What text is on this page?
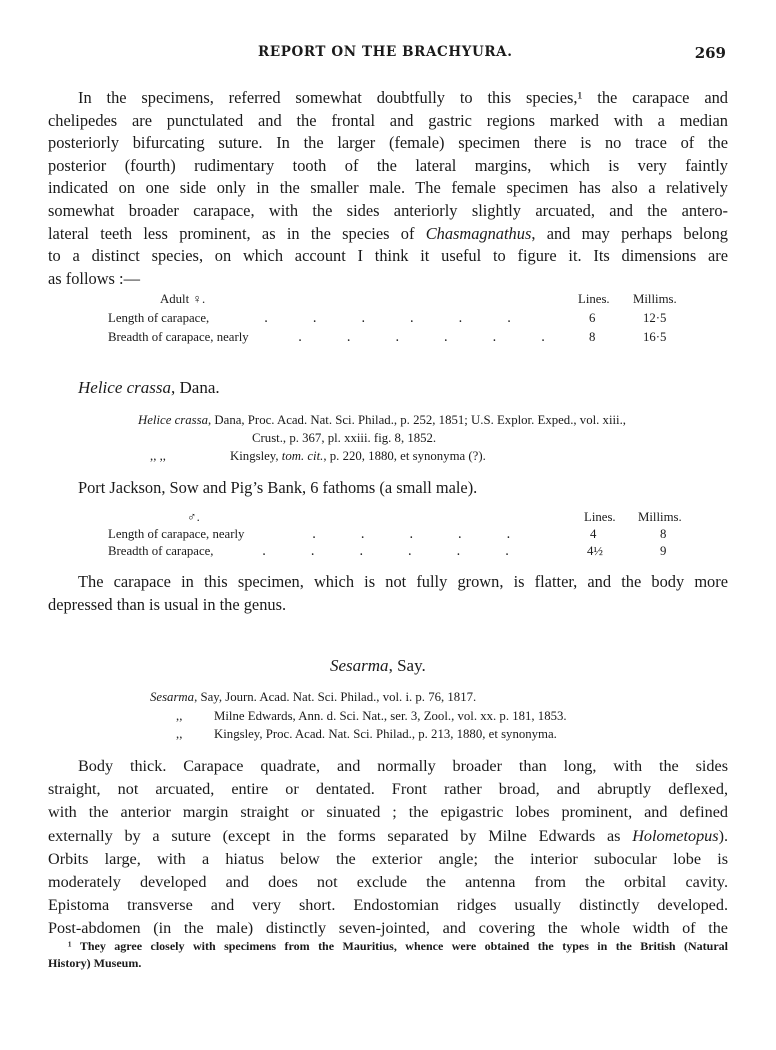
REPORT ON THE BRACHYURA.	269
In the specimens, referred somewhat doubtfully to this species,¹ the carapace and
chelipedes are punctulated and the frontal and gastric regions marked with a median
posteriorly bifurcating suture. In the larger (female) specimen there is no trace of the
posterior (fourth) rudimentary tooth of the lateral margins, which is very faintly
indicated on one side only in the smaller male. The female specimen has also a relatively
somewhat broader carapace, with the sides anteriorly slightly arcuated, and the antero-
lateral teeth less prominent, as in the species of Chasmagnathus, and may perhaps belong
to a distinct species, on which account I think it useful to figure it. Its dimensions are
as follows :—
Adult ♀.	Lines. Millims.
Length of carapace,	.	.	.	.	.	.	6	12·5
Breadth of carapace, nearly	.	.	.	.	.	.	8	16·5
Helice crassa, Dana.
Helice crassa, Dana, Proc. Acad. Nat. Sci. Philad., p. 252, 1851; U.S. Explor. Exped., vol. xiii.,
Crust., p. 367, pl. xxiii. fig. 8, 1852.
,, ,,	Kingsley, tom. cit., p. 220, 1880, et synonyma (?).
Port Jackson, Sow and Pig’s Bank, 6 fathoms (a small male).
♂.	Lines. Millims.
Length of carapace, nearly	.	.	.	.	.	4	8
Breadth of carapace,	.	.	.	.	.	.	4½	9
The carapace in this specimen, which is not fully grown, is flatter, and the body more
depressed than is usual in the genus.
Sesarma, Say.
Sesarma, Say, Journ. Acad. Nat. Sci. Philad., vol. i. p. 76, 1817.
,, Milne Edwards, Ann. d. Sci. Nat., ser. 3, Zool., vol. xx. p. 181, 1853.
,, Kingsley, Proc. Acad. Nat. Sci. Philad., p. 213, 1880, et synonyma.
Body thick. Carapace quadrate, and normally broader than long, with the sides
straight, not arcuated, entire or dentated. Front rather broad, and abruptly deflexed,
with the anterior margin straight or sinuated ; the epigastric lobes prominent, and defined
externally by a suture (except in the forms separated by Milne Edwards as Holometopus).
Orbits large, with a hiatus below the exterior angle; the interior subocular lobe is
moderately developed and does not exclude the antenna from the orbital cavity.
Epistoma transverse and very short. Endostomian ridges usually distinctly developed.
Post-abdomen (in the male) distinctly seven-jointed, and covering the whole width of the
¹ They agree closely with specimens from the Mauritius, whence were obtained the types in the British (Natural
History) Museum.
